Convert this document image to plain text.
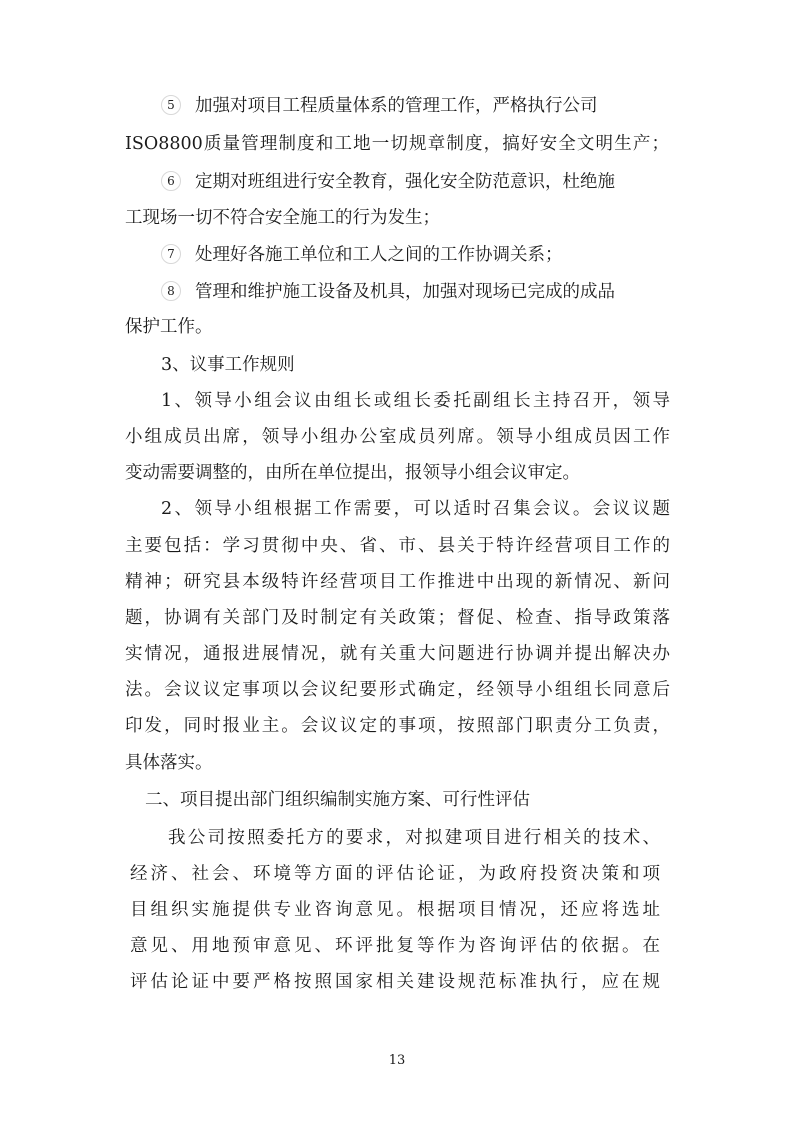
5 加强对项目工程质量体系的管理工作，严格执行公司
ISO8800质量管理制度和工地一切规章制度，搞好安全文明生产；
6 定期对班组进行安全教育，强化安全防范意识，杜绝施
工现场一切不符合安全施工的行为发生；
7 处理好各施工单位和工人之间的工作协调关系；
8 管理和维护施工设备及机具，加强对现场已完成的成品
保护工作。
3、议事工作规则
1、领导小组会议由组长或组长委托副组长主持召开，领导
小组成员出席，领导小组办公室成员列席。领导小组成员因工作
变动需要调整的，由所在单位提出，报领导小组会议审定。
2、领导小组根据工作需要，可以适时召集会议。会议议题
主要包括：学习贯彻中央、省、市、县关于特许经营项目工作的
精神；研究县本级特许经营项目工作推进中出现的新情况、新问
题，协调有关部门及时制定有关政策；督促、检查、指导政策落
实情况，通报进展情况，就有关重大问题进行协调并提出解决办
法。会议议定事项以会议纪要形式确定，经领导小组组长同意后
印发，同时报业主。会议议定的事项，按照部门职责分工负责，
具体落实。
二、项目提出部门组织编制实施方案、可行性评估
我公司按照委托方的要求，对拟建项目进行相关的技术、
经济、社会、环境等方面的评估论证，为政府投资决策和项
目组织实施提供专业咨询意见。根据项目情况，还应将选址
意见、用地预审意见、环评批复等作为咨询评估的依据。在
评估论证中要严格按照国家相关建设规范标准执行，应在规
13
